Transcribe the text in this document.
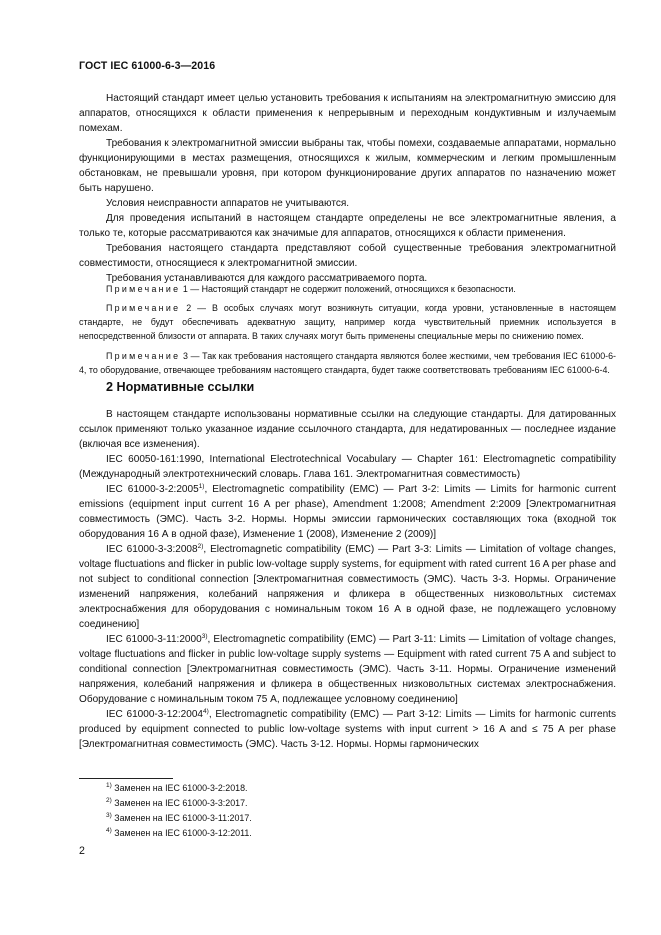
ГОСТ IEC 61000-6-3—2016

Настоящий стандарт имеет целью установить требования к испытаниям на электромагнитную эмиссию для аппаратов, относящихся к области применения к непрерывным и переходным кондуктивным и излучаемым помехам.

Требования к электромагнитной эмиссии выбраны так, чтобы помехи, создаваемые аппаратами, нормально функционирующими в местах размещения, относящихся к жилым, коммерческим и легким промышленным обстановкам, не превышали уровня, при котором функционирование других аппаратов по назначению может быть нарушено.

Условия неисправности аппаратов не учитываются.

Для проведения испытаний в настоящем стандарте определены не все электромагнитные явления, а только те, которые рассматриваются как значимые для аппаратов, относящихся к области применения.

Требования настоящего стандарта представляют собой существенные требования электромагнитной совместимости, относящиеся к электромагнитной эмиссии.

Требования устанавливаются для каждого рассматриваемого порта.

Примечание 1 — Настоящий стандарт не содержит положений, относящихся к безопасности.

Примечание 2 — В особых случаях могут возникнуть ситуации, когда уровни, установленные в настоящем стандарте, не будут обеспечивать адекватную защиту, например когда чувствительный приемник используется в непосредственной близости от аппарата. В таких случаях могут быть применены специальные меры по снижению помех.

Примечание 3 — Так как требования настоящего стандарта являются более жесткими, чем требования IEC 61000-6-4, то оборудование, отвечающее требованиям настоящего стандарта, будет также соответствовать требованиям IEC 61000-6-4.

2 Нормативные ссылки

В настоящем стандарте использованы нормативные ссылки на следующие стандарты. Для датированных ссылок применяют только указанное издание ссылочного стандарта, для недатированных — последнее издание (включая все изменения).

IEC 60050-161:1990, International Electrotechnical Vocabulary — Chapter 161: Electromagnetic compatibility (Международный электротехнический словарь. Глава 161. Электромагнитная совместимость)

IEC 61000-3-2:2005$^{1)}$, Electromagnetic compatibility (EMC) — Part 3-2: Limits — Limits for harmonic current emissions (equipment input current 16 A per phase), Amendment 1:2008; Amendment 2:2009 [Электромагнитная совместимость (ЭМС). Часть 3-2. Нормы. Нормы эмиссии гармонических составляющих тока (входной ток оборудования 16 А в одной фазе), Изменение 1 (2008), Изменение 2 (2009)]

IEC 61000-3-3:2008$^{2)}$, Electromagnetic compatibility (EMC) — Part 3-3: Limits — Limitation of voltage changes, voltage fluctuations and flicker in public low-voltage supply systems, for equipment with rated current 16 A per phase and not subject to conditional connection [Электромагнитная совместимость (ЭМС). Часть 3-3. Нормы. Ограничение изменений напряжения, колебаний напряжения и фликера в общественных низковольтных системах электроснабжения для оборудования с номинальным током 16 А в одной фазе, не подлежащего условному соединению]

IEC 61000-3-11:2000$^{3)}$, Electromagnetic compatibility (EMC) — Part 3-11: Limits — Limitation of voltage changes, voltage fluctuations and flicker in public low-voltage supply systems — Equipment with rated current 75 A and subject to conditional connection [Электромагнитная совместимость (ЭМС). Часть 3-11. Нормы. Ограничение изменений напряжения, колебаний напряжения и фликера в общественных низковольтных системах электроснабжения. Оборудование с номинальным током 75 А, подлежащее условному соединению]

IEC 61000-3-12:2004$^{4)}$, Electromagnetic compatibility (EMC) — Part 3-12: Limits — Limits for harmonic currents produced by equipment connected to public low-voltage systems with input current > 16 A and ≤ 75 A per phase [Электромагнитная совместимость (ЭМС). Часть 3-12. Нормы. Нормы гармонических

$^{1)}$ Заменен на IEC 61000-3-2:2018.
$^{2)}$ Заменен на IEC 61000-3-3:2017.
$^{3)}$ Заменен на IEC 61000-3-11:2017.
$^{4)}$ Заменен на IEC 61000-3-12:2011.
2
